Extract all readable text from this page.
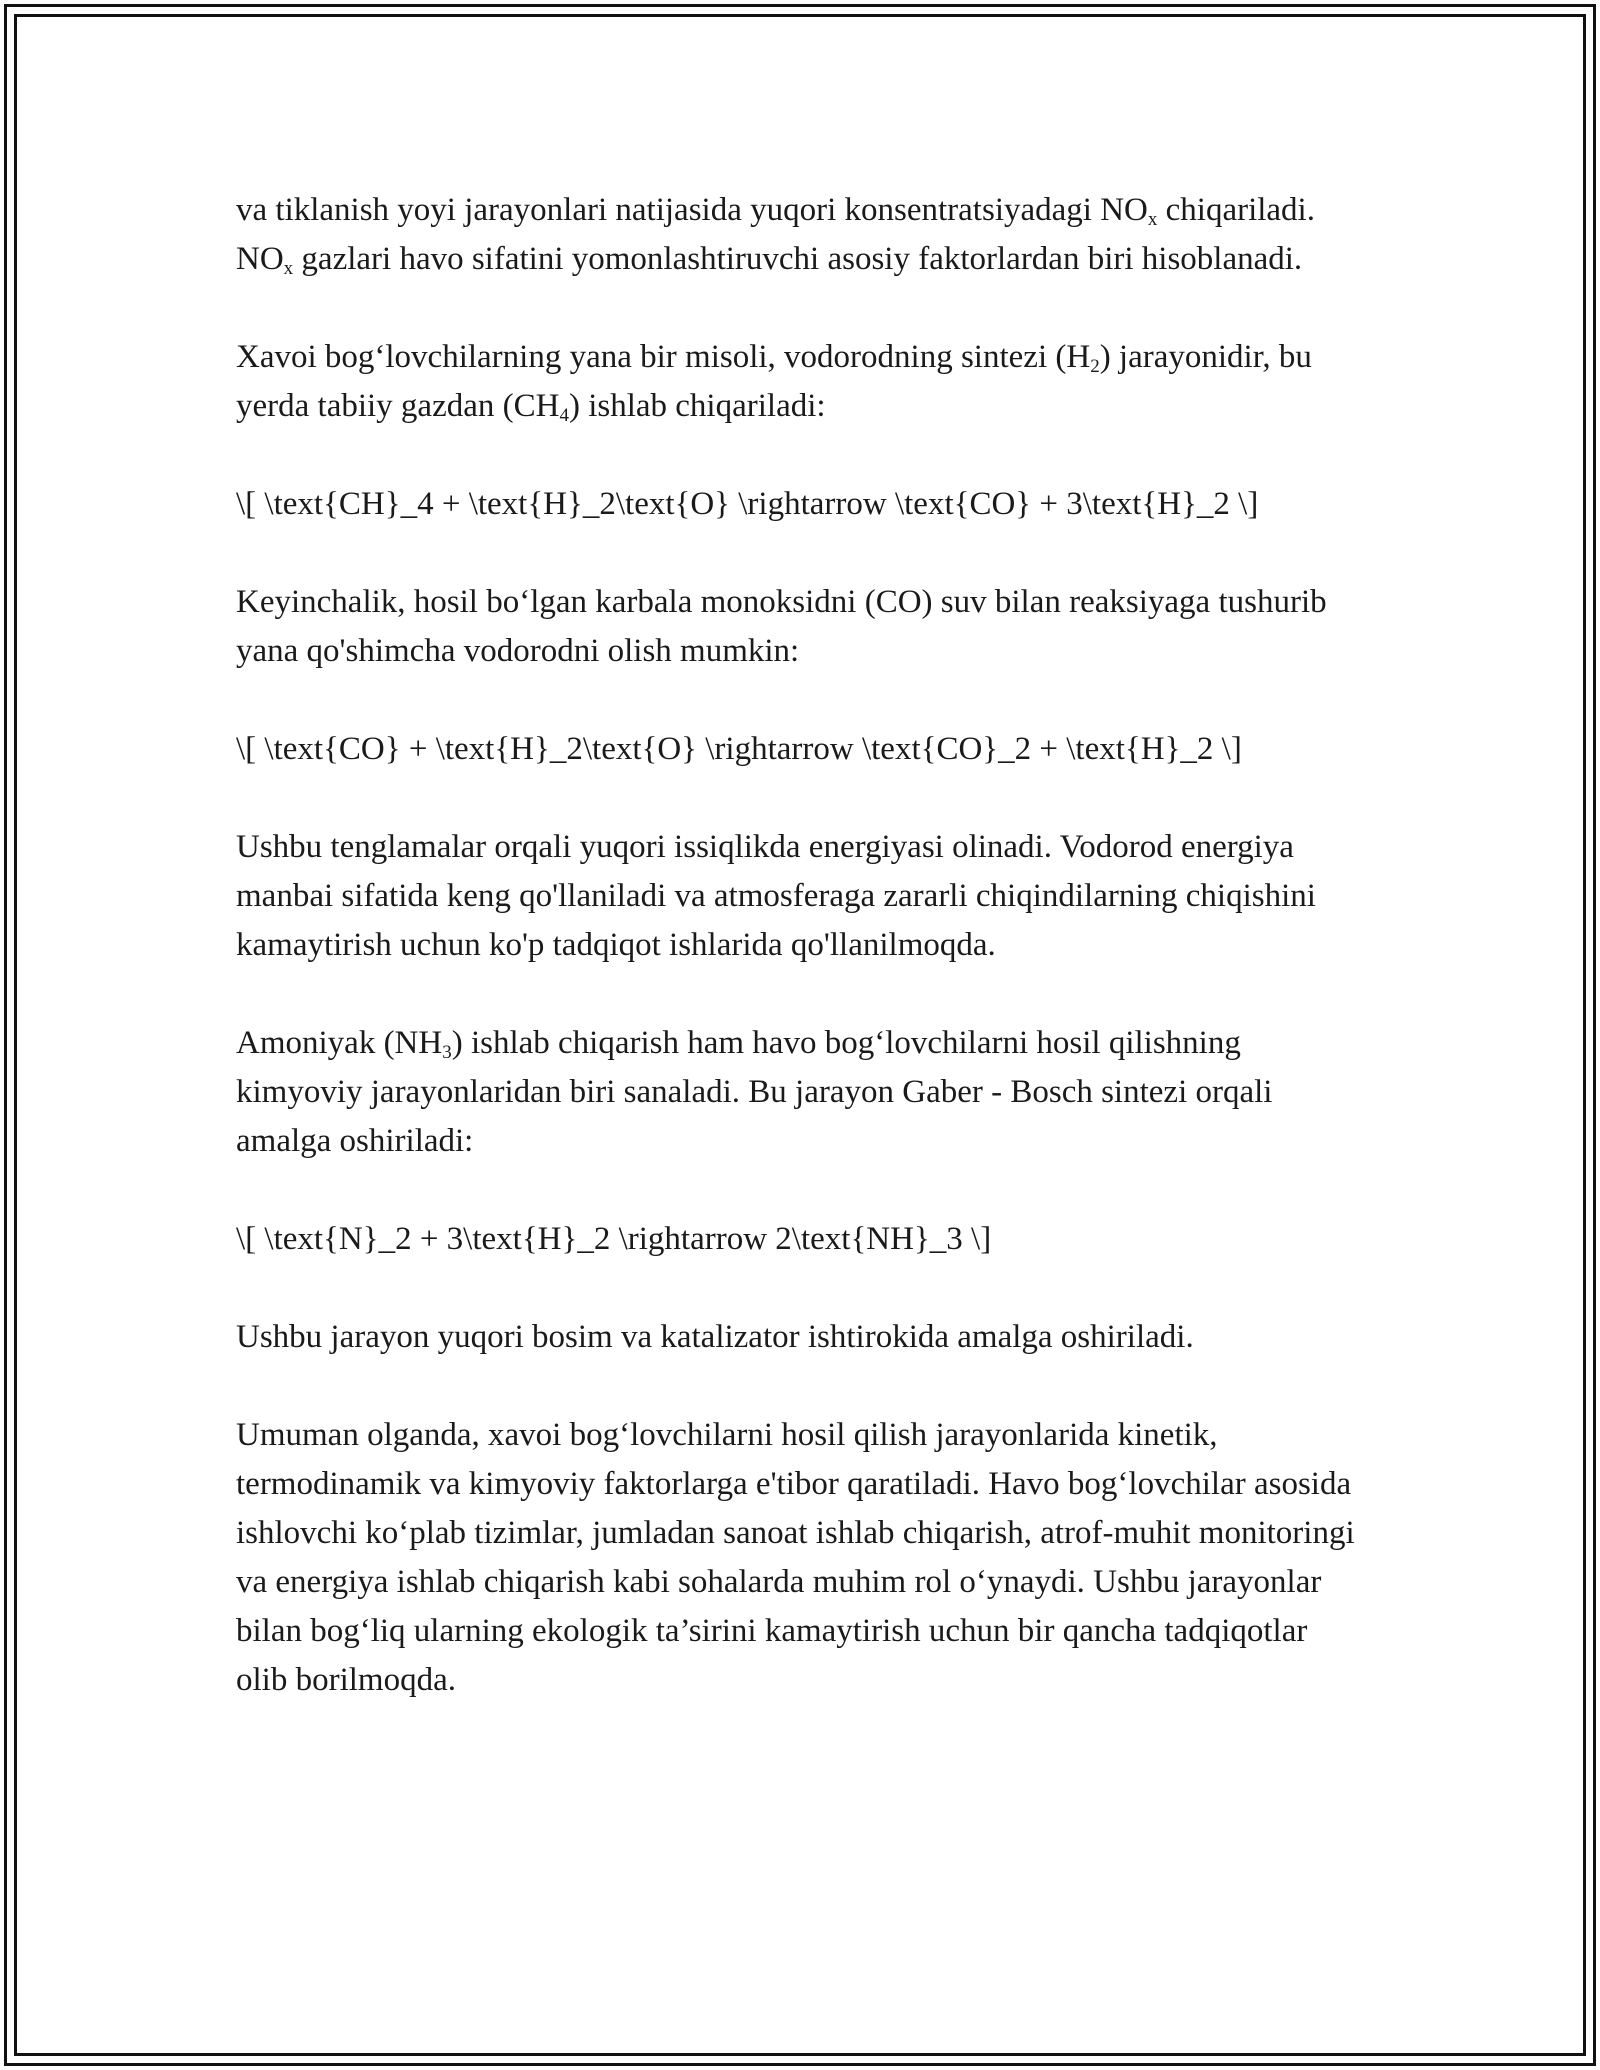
va tiklanish yoyi jarayonlari natijasida yuqori konsentratsiyadagi $NO_x$ chiqariladi. $NO_x$ gazlari havo sifatini yomonlashtiruvchi asosiy faktorlardan biri hisoblanadi.

Xavoi bog‘lovchilarning yana bir misoli, vodorodning sintezi $(H_2)$ jarayonidir, bu yerda tabiiy gazdan $(CH_4)$ ishlab chiqariladi:

\[ \text{CH}_4 + \text{H}_2\text{O} \rightarrow \text{CO} + 3\text{H}_2 \]

Keyinchalik, hosil bo‘lgan karbala monoksidni (CO) suv bilan reaksiyaga tushurib yana qo'shimcha vodorodni olish mumkin:

\[ \text{CO} + \text{H}_2\text{O} \rightarrow \text{CO}_2 + \text{H}_2 \]

Ushbu tenglamalar orqali yuqori issiqlikda energiyasi olinadi. Vodorod energiya manbai sifatida keng qo'llaniladi va atmosferaga zararli chiqindilarning chiqishini kamaytirish uchun ko'p tadqiqot ishlarida qo'llanilmoqda.

Amoniyak $(NH_3)$ ishlab chiqarish ham havo bog‘lovchilarni hosil qilishning kimyoviy jarayonlaridan biri sanaladi. Bu jarayon Gaber - Bosch sintezi orqali amalga oshiriladi:

\[ \text{N}_2 + 3\text{H}_2 \rightarrow 2\text{NH}_3 \]

Ushbu jarayon yuqori bosim va katalizator ishtirokida amalga oshiriladi.

Umuman olganda, xavoi bog‘lovchilarni hosil qilish jarayonlarida kinetik, termodinamik va kimyoviy faktorlarga e'tibor qaratiladi. Havo bog‘lovchilar asosida ishlovchi ko‘plab tizimlar, jumladan sanoat ishlab chiqarish, atrof-muhit monitoringi va energiya ishlab chiqarish kabi sohalarda muhim rol o‘ynaydi. Ushbu jarayonlar bilan bog‘liq ularning ekologik ta’sirini kamaytirish uchun bir qancha tadqiqotlar olib borilmoqda.
